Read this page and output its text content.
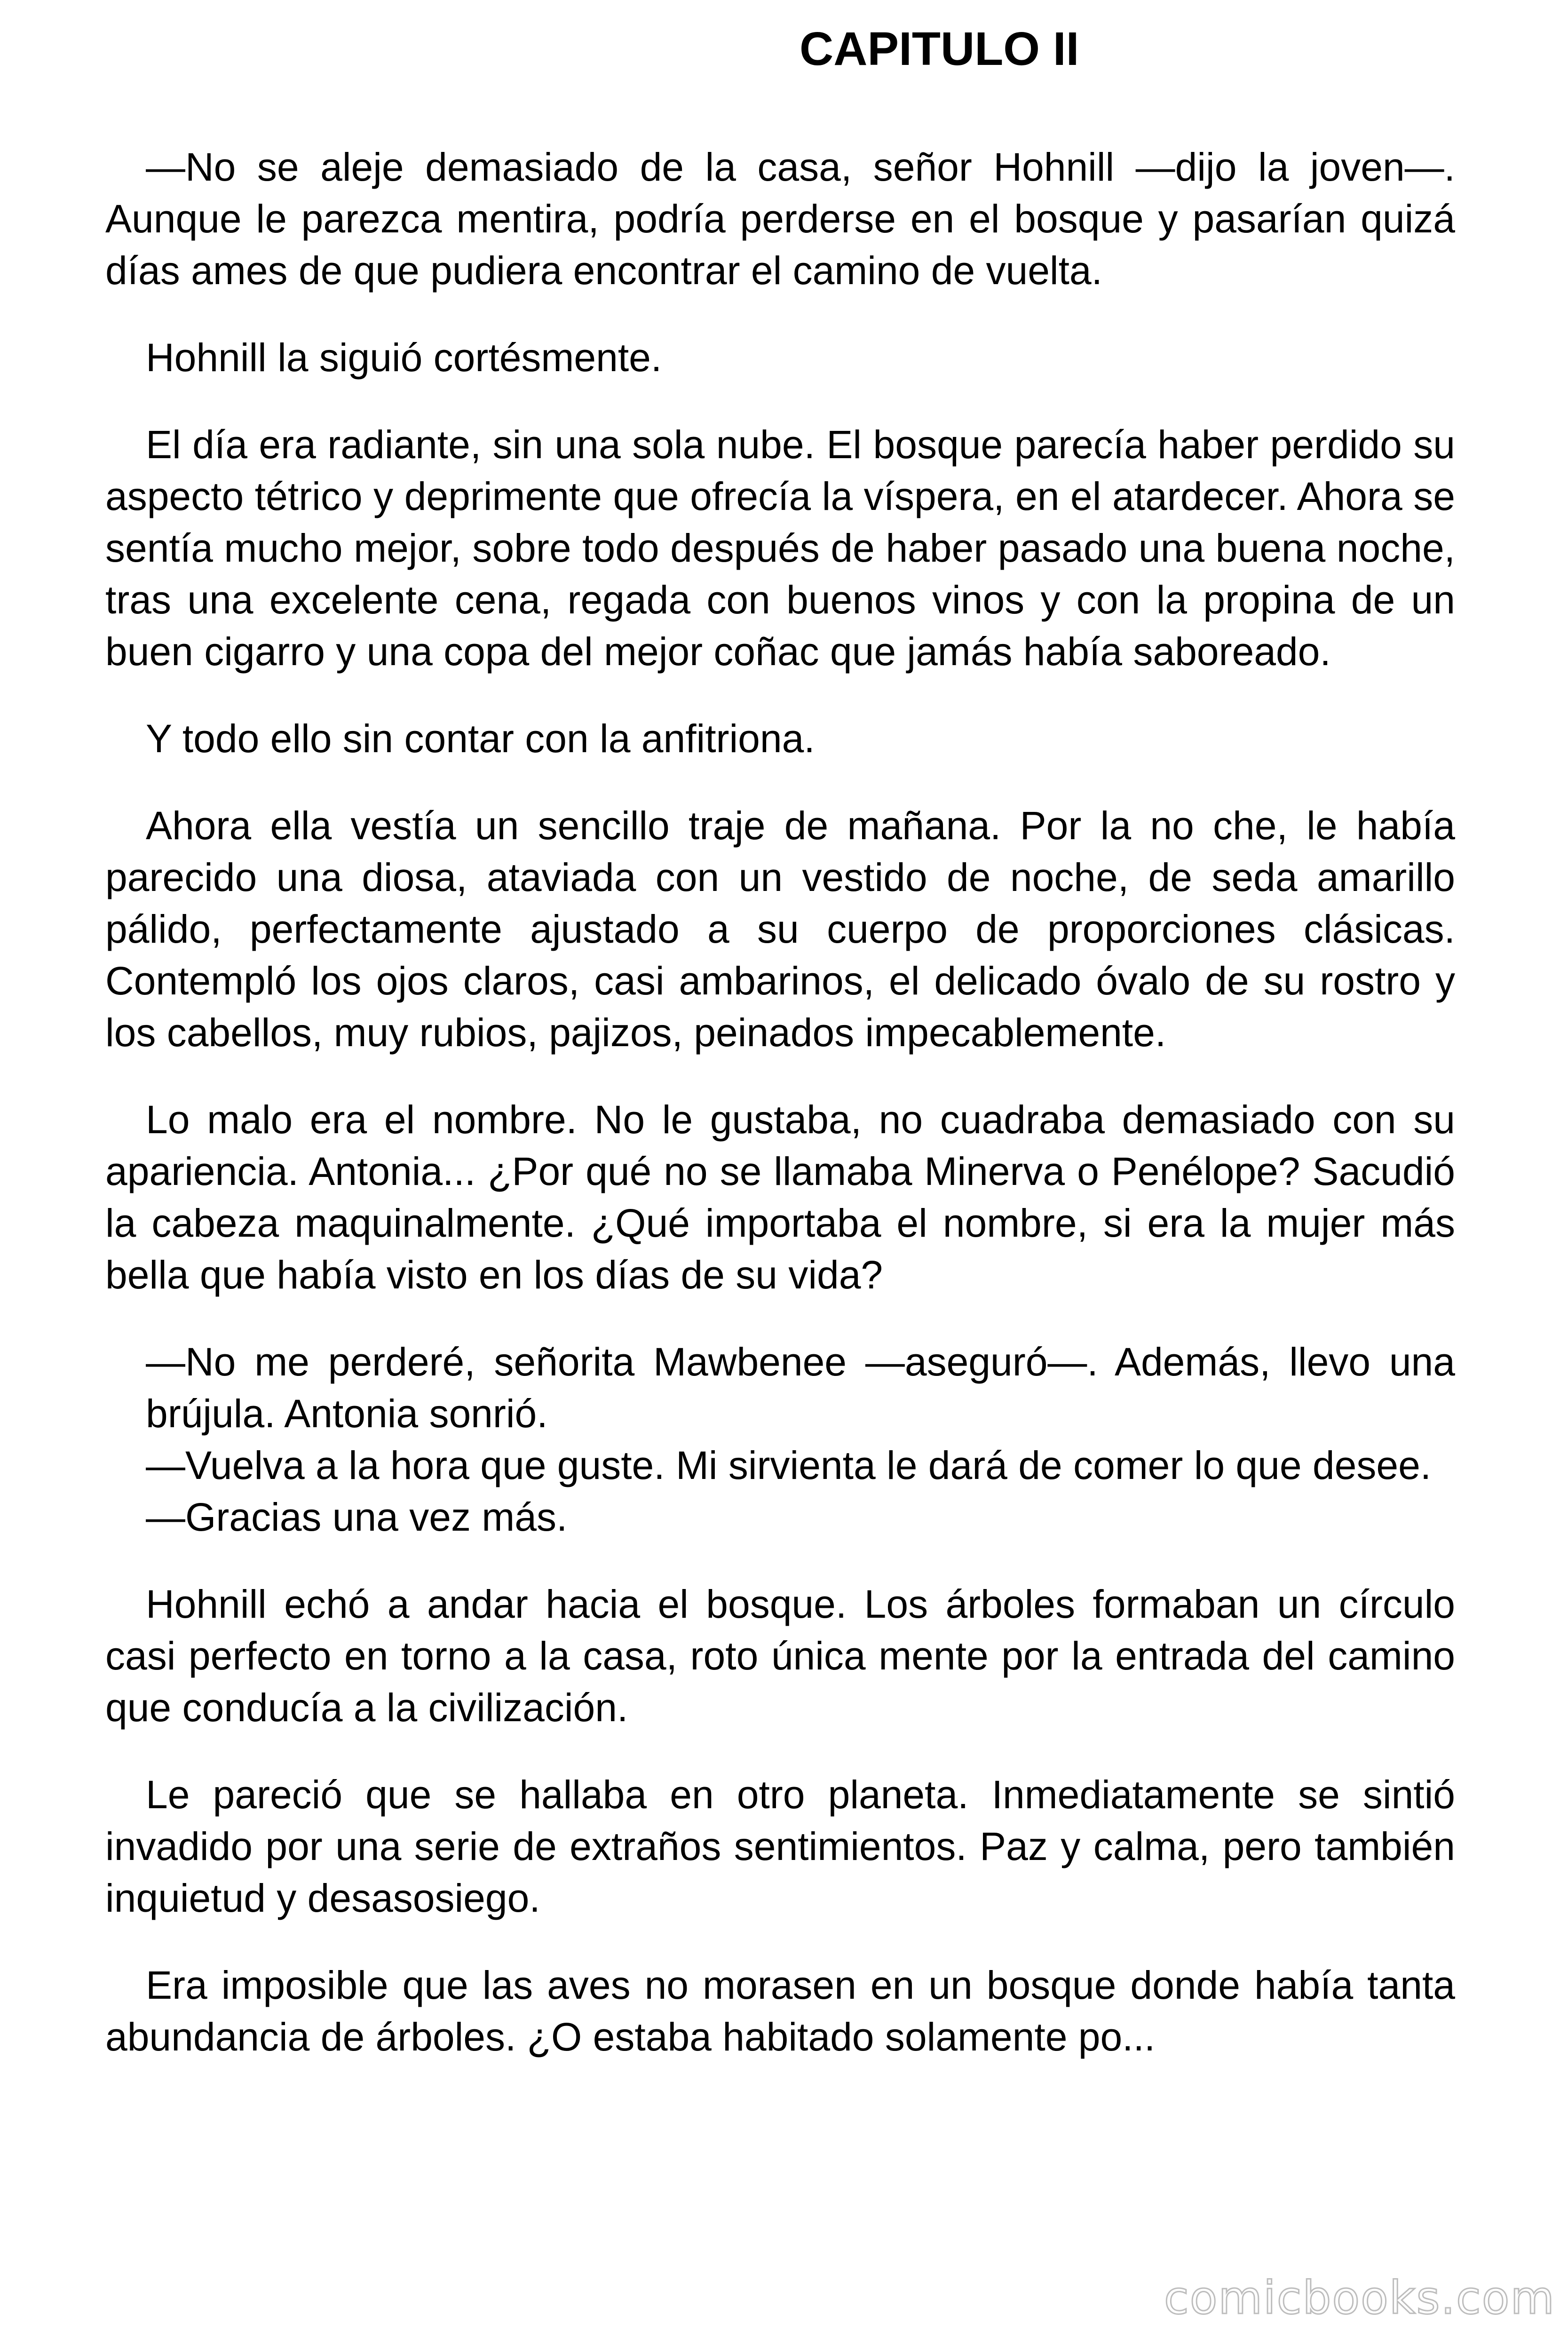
CAPITULO II

—No se aleje demasiado de la casa, señor Hohnill —dijo la joven—. Aunque le parezca mentira, podría perderse en el bosque y pasarían quizá días ames de que pudiera encontrar el camino de vuelta.

Hohnill la siguió cortésmente.

El día era radiante, sin una sola nube. El bosque parecía haber perdido su aspecto tétrico y deprimente que ofrecía la víspera, en el atardecer. Ahora se sentía mucho mejor, sobre todo después de haber pasado una buena noche, tras una excelente cena, regada con buenos vinos y con la propina de un buen cigarro y una copa del mejor coñac que jamás había saboreado.

Y todo ello sin contar con la anfitriona.

Ahora ella vestía un sencillo traje de mañana. Por la no che, le había parecido una diosa, ataviada con un vestido de noche, de seda amarillo pálido, perfectamente ajustado a su cuerpo de proporciones clásicas. Contempló los ojos claros, casi ambarinos, el delicado óvalo de su rostro y los cabellos, muy rubios, pajizos, peinados impecablemente.

Lo malo era el nombre. No le gustaba, no cuadraba demasiado con su apariencia. Antonia... ¿Por qué no se llamaba Minerva o Penélope? Sacudió la cabeza maquinalmente. ¿Qué importaba el nombre, si era la mujer más bella que había visto en los días de su vida?

—No me perderé, señorita Mawbenee —aseguró—. Además, llevo una brújula. Antonia sonrió.

—Vuelva a la hora que guste. Mi sirvienta le dará de comer lo que desee.

—Gracias una vez más.

Hohnill echó a andar hacia el bosque. Los árboles formaban un círculo casi perfecto en torno a la casa, roto única mente por la entrada del camino que conducía a la civilización.

Le pareció que se hallaba en otro planeta. Inmediatamente se sintió invadido por una serie de extraños sentimientos. Paz y calma, pero también inquietud y desasosiego.

Era imposible que las aves no morasen en un bosque donde había tanta abundancia de árboles. ¿O estaba habitado solamente po...

comicbooks.com
